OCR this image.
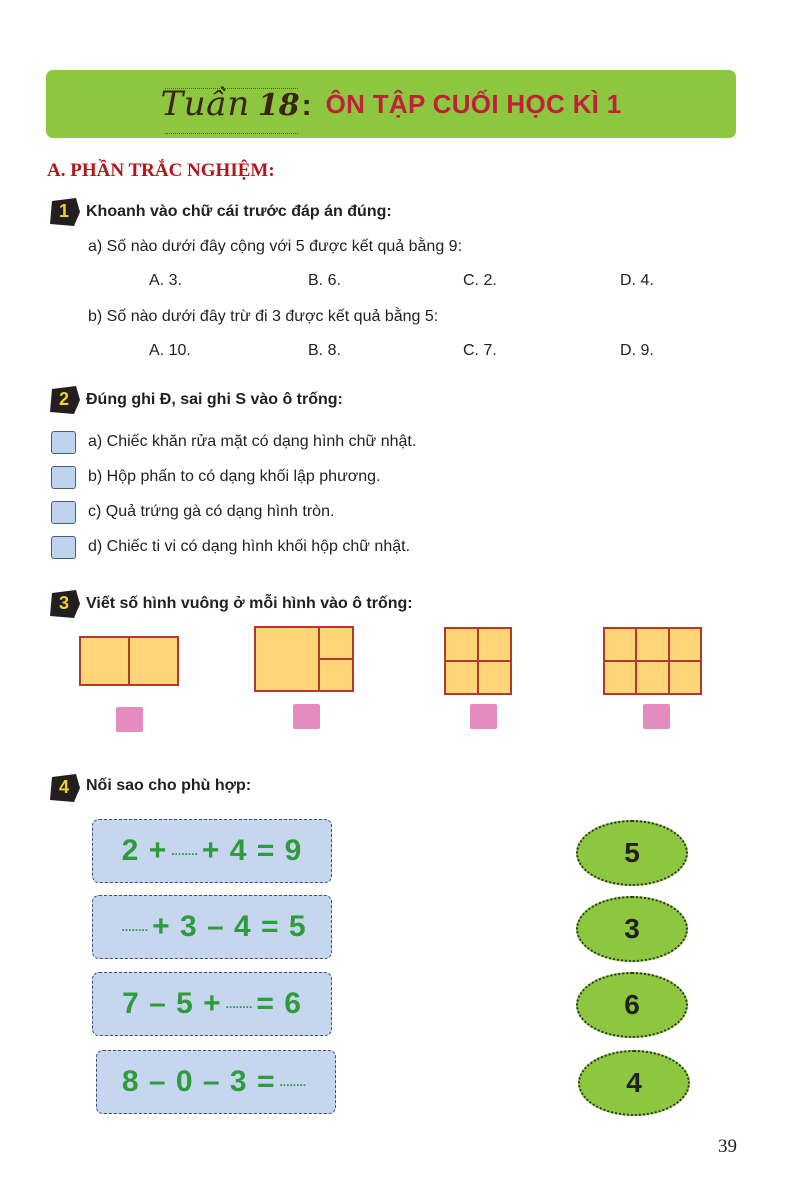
Tuần 18 : ÔN TẬP CUỐI HỌC KÌ 1
A. PHẦN TRẮC NGHIỆM:
1	Khoanh vào chữ cái trước đáp án đúng:
a) Số nào dưới đây cộng với 5 được kết quả bằng 9:
A. 3.	B. 6.	C. 2.	D. 4.
b) Số nào dưới đây trừ đi 3 được kết quả bằng 5:
A. 10.	B. 8.	C. 7.	D. 9.
2	Đúng ghi Đ, sai ghi S vào ô trống:
a) Chiếc khăn rửa mặt có dạng hình chữ nhật.
b) Hộp phấn to có dạng khối lập phương.
c) Quả trứng gà có dạng hình tròn.
d) Chiếc ti vi có dạng hình khối hộp chữ nhật.
3	Viết số hình vuông ở mỗi hình vào ô trống:
4	Nối sao cho phù hợp:
2 + ........ + 4 = 9
........ + 3 – 4 = 5
7 – 5 + ........ = 6
8 – 0 – 3 = ........
5
3
6
4
39
